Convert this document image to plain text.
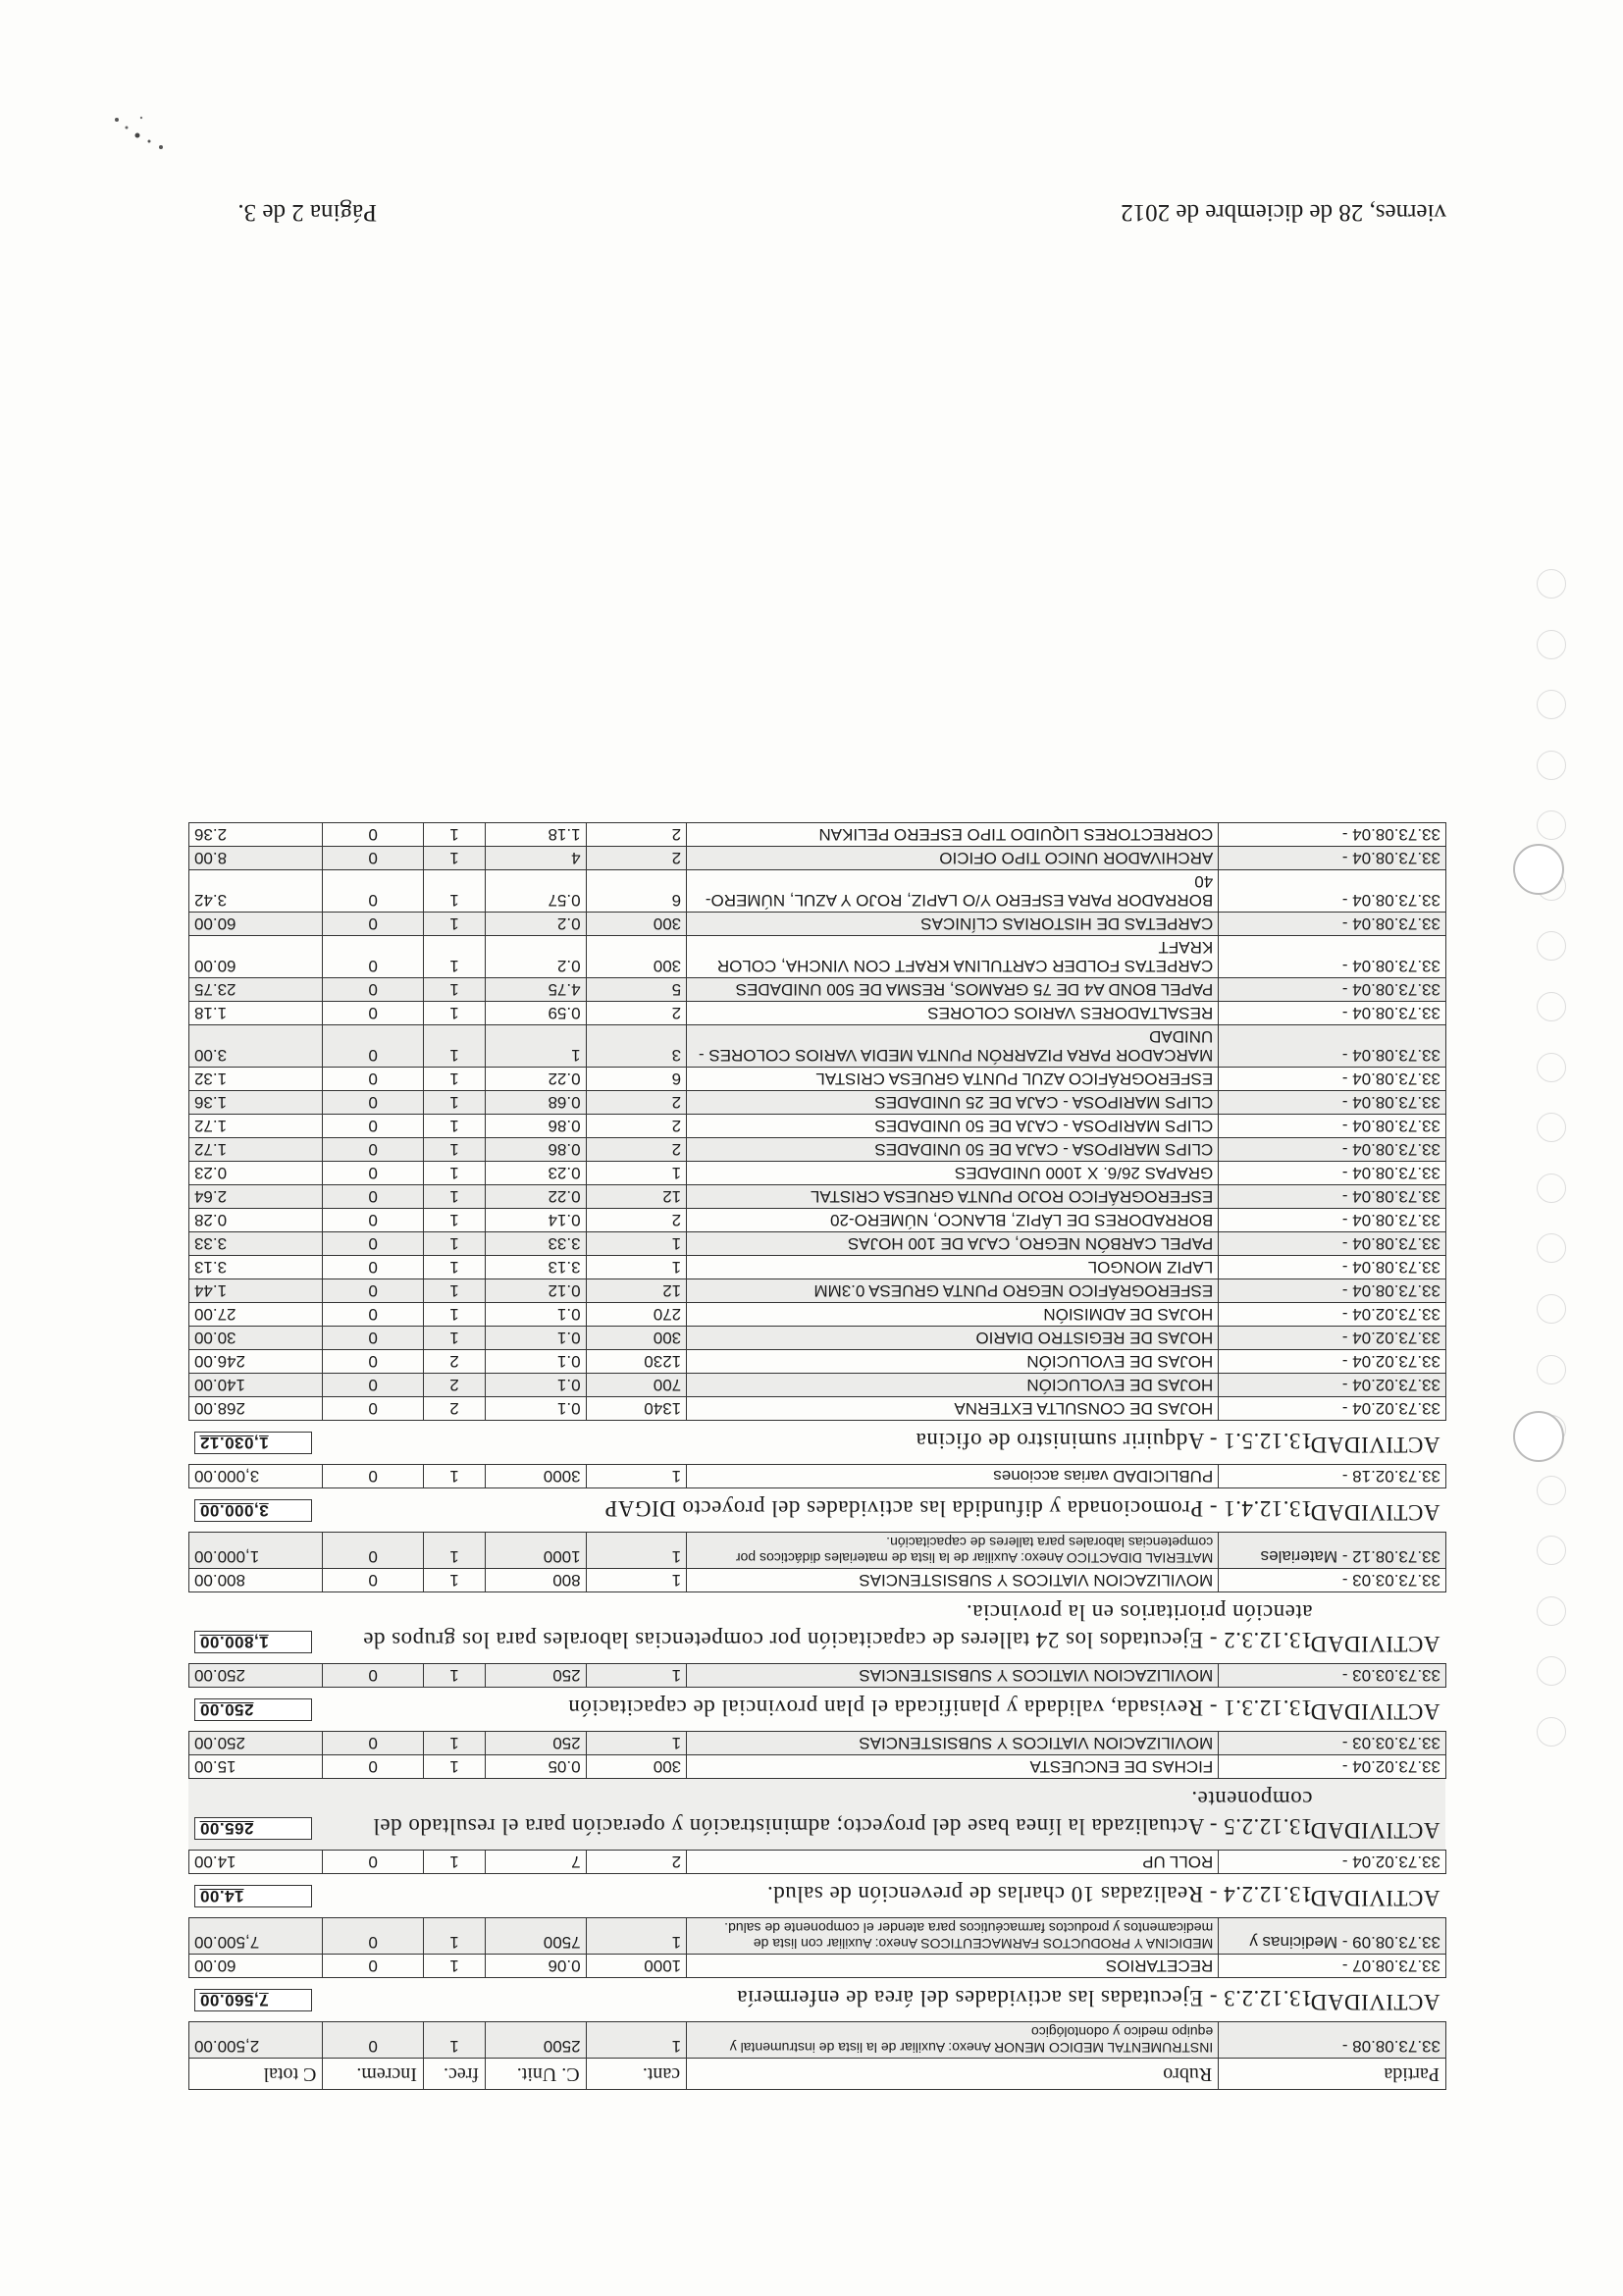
Partida	Rubro	cant.	C. Unit.	frec.	Increm.	C total
33.73.08.08 -	INSTRUMENTAL MEDICO MENOR Anexo: Auxiliar de la lista de instrumental y equipo medico y odontológico	1	2500	1	0	2,500.00

ACTIVIDAD:
13.12.2.3 - Ejecutadas las actividades del área de enfermería
7,560.00						

33.73.08.07 -	RECETARIOS	1000	0.06	1	0	60.00
33.73.08.09 - Medicinas y	MEDICINA Y PRODUCTOS FARMACEUTICOS Anexo: Auxiliar con lista de medicamentos y productos farmacéuticos para atender el componente de salud.	1	7500	1	0	7,500.00

ACTIVIDAD:
13.12.2.4 - Realizadas 10 charlas de prevención de salud.
14.00						

33.73.02.04 -	ROLL UP	2	7	1	0	14.00

ACTIVIDAD:
13.12.2.5 - Actualizada la línea base del proyecto; administración y operación para el resultado del componente.
265.00						

33.73.02.04 -	FICHAS DE ENCUESTA	300	0.05	1	0	15.00
33.73.03.03 -	MOVILIZACION VIATICOS Y SUBSISTENCIAS	1	250	1	0	250.00

ACTIVIDAD:
13.12.3.1 - Revisada, validada y planificada el plan provincial de capacitación
250.00						

33.73.03.03 -	MOVILIZACION VIATICOS Y SUBSISTENCIAS	1	250	1	0	250.00

ACTIVIDAD:
13.12.3.2 - Ejecutados los 24 talleres de capacitación por competencias laborales para los grupos de atención prioritarios en la provincia.
1,800.00						

33.73.03.03 -	MOVILIZACION VIATICOS Y SUBSISTENCIAS	1	800	1	0	800.00
33.73.08.12 - Materiales	MATERIAL DIDACTICO Anexo: Auxiliar de la lista de materiales didácticos por competencias laborales para talleres de capacitación.	1	1000	1	0	1,000.00

ACTIVIDAD:
13.12.4.1 - Promocionada y difundida las actividades del proyecto DIGAP
3,000.00						

33.73.02.18 -	PUBLICIDAD varias acciones	1	3000	1	0	3,000.00

ACTIVIDAD:
13.12.5.1 - Adquirir suministro de oficina
1,030.12						

33.73.02.04 -	HOJAS DE CONSULTA EXTERNA	1340	0.1	2	0	268.00
33.73.02.04 -	HOJAS DE EVOLUCIÓN	700	0.1	2	0	140.00
33.73.02.04 -	HOJAS DE EVOLUCIÓN	1230	0.1	2	0	246.00
33.73.02.04 -	HOJAS DE REGISTRO DIARIO	300	0.1	1	0	30.00
33.73.02.04 -	HOJAS DE ADMISIÓN	270	0.1	1	0	27.00
33.73.08.04 -	ESFEROGRÁFICO NEGRO PUNTA GRUESA 0.3MM	12	0.12	1	0	1.44
33.73.08.04 -	LAPIZ MONGOL	1	3.13	1	0	3.13
33.73.08.04 -	PAPEL CARBÓN NEGRO, CAJA DE 100 HOJAS	1	3.33	1	0	3.33
33.73.08.04 -	BORRADORES DE LÁPIZ, BLANCO, NÚMERO-20	2	0.14	1	0	0.28
33.73.08.04 -	ESFEROGRÁFICO ROJO PUNTA GRUESA CRISTAL	12	0.22	1	0	2.64
33.73.08.04 -	GRAPAS 26/6. X 1000 UNIDADES	1	0.23	1	0	0.23
33.73.08.04 -	CLIPS MARIPOSA - CAJA DE 50 UNIDADES	2	0.86	1	0	1.72
33.73.08.04 -	CLIPS MARIPOSA - CAJA DE 50 UNIDADES	2	0.86	1	0	1.72
33.73.08.04 -	CLIPS MARIPOSA - CAJA DE 25 UNIDADES	2	0.68	1	0	1.36
33.73.08.04 -	ESFEROGRÁFICO AZUL PUNTA GRUESA CRISTAL	6	0.22	1	0	1.32
33.73.08.04 -	MARCADOR PARA PIZARRÓN PUNTA MEDIA VARIOS COLORES - UNIDAD	3	1	1	0	3.00
33.73.08.04 -	RESALTADORES VARIOS COLORES	2	0.59	1	0	1.18
33.73.08.04 -	PAPEL BOND A4 DE 75 GRAMOS, RESMA DE 500 UNIDADES	5	4.75	1	0	23.75
33.73.08.04 -	CARPETAS FOLDER CARTULINA KRAFT CON VINCHA, COLOR KRAFT	300	0.2	1	0	60.00
33.73.08.04 -	CARPETAS DE HISTORIAS CLÍNICAS	300	0.2	1	0	60.00
33.73.08.04 -	BORRADOR PARA ESFERO Y/O LAPIZ, ROJO Y AZUL, NÚMERO-40	6	0.57	1	0	3.42
33.73.08.04 -	ARCHIVADOR UNICO TIPO OFICIO	2	4	1	0	8.00
33.73.08.04 -	CORRECTORES LIQUIDO TIPO ESFERO PELIKAN	2	1.18	1	0	2.36
viernes, 28 de diciembre de 2012
Página 2 de 3.
